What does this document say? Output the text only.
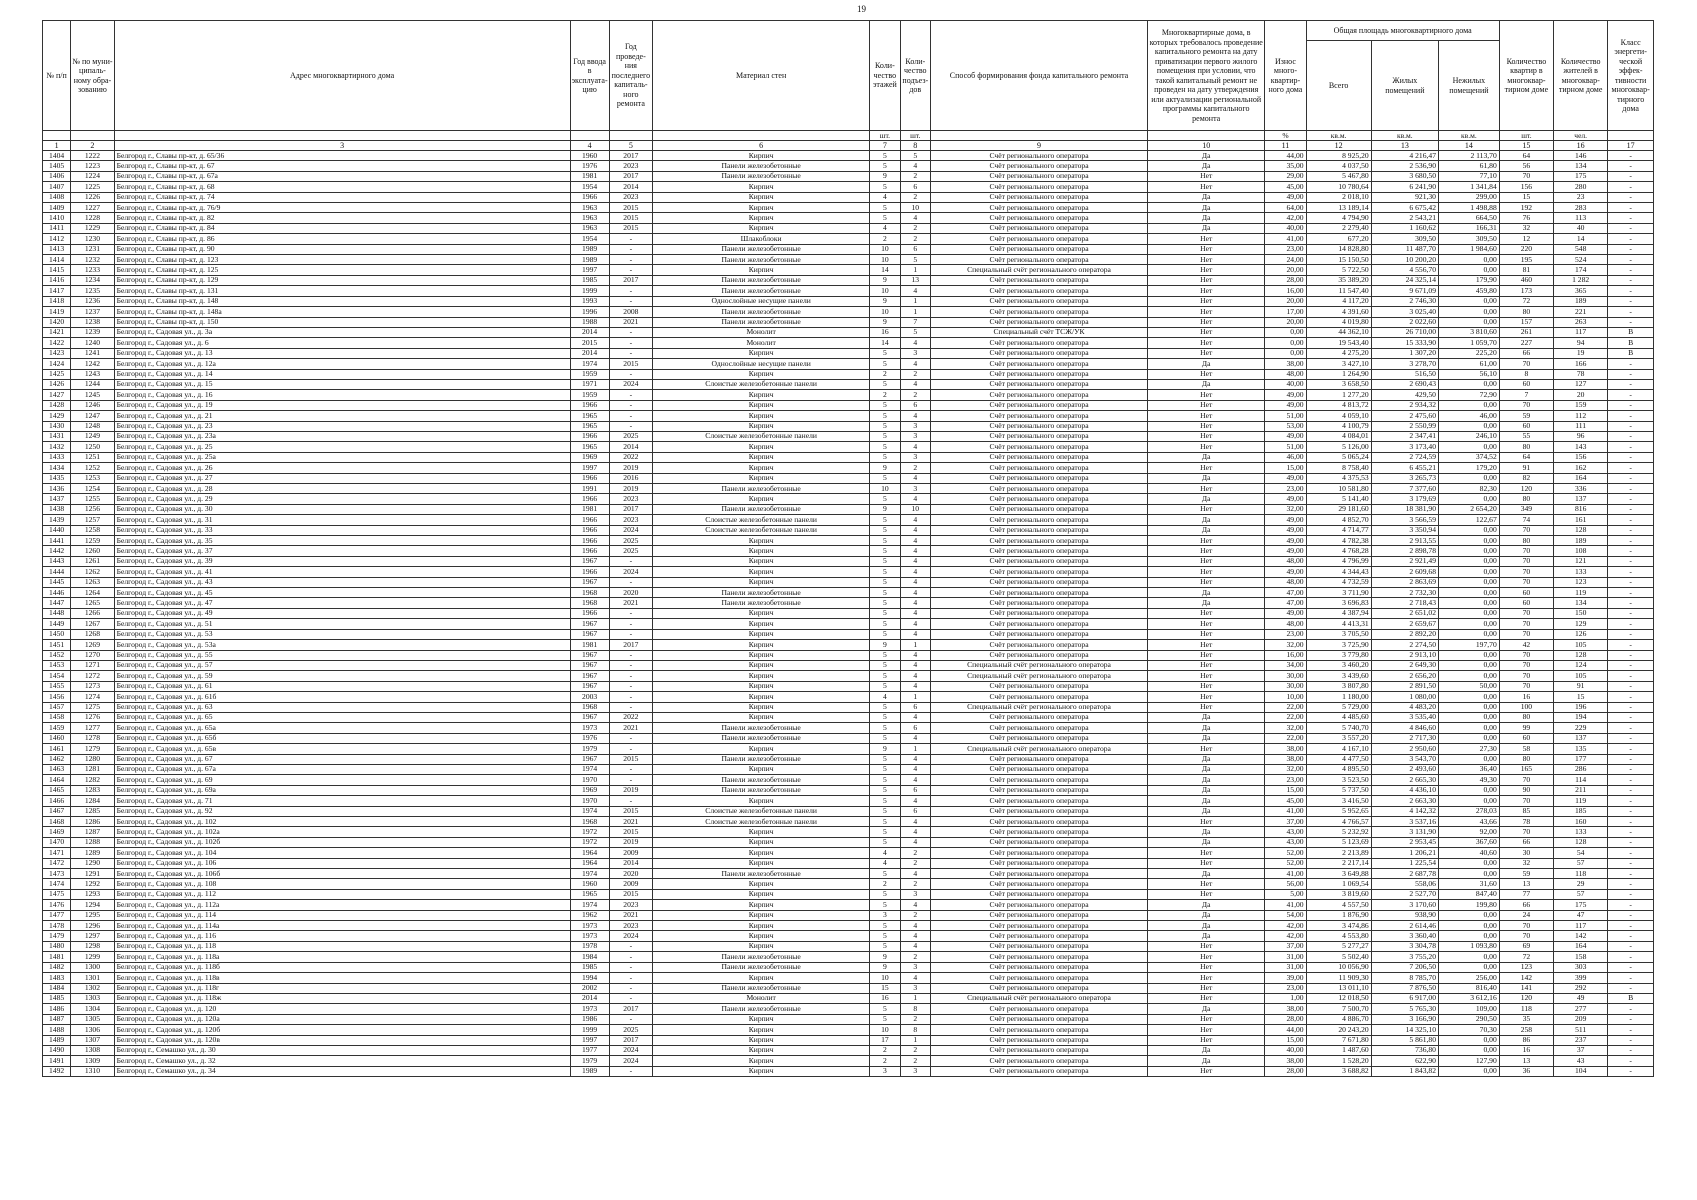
19
№ п/п	№ по муни-ципаль-ному обра-зованию	Адрес многоквартирного дома	Год ввода в эксплуата-цию	Год проведе-ния последнего капиталь-ного ремонта	Материал стен	Коли-чество этажей	Коли-чество подъез-дов	Способ формирования фонда капитального ремонта	Многоквартирные дома, в которых требовалось проведение капитального ремонта на дату приватизации первого жилого помещения при условии, что такой капитальный ремонт не проведен на дату утверждения или актуализации региональной программы капитального ремонта	Износ много-квартир-ного дома	Общая площадь многоквартирного дома			Количество квартир в многоквар-тирном доме	Количество жителей в многоквар-тирном доме	Класс энергети-ческой эффек-тивности многоквар-тирного дома
											Всего	Жилых помещений	Нежилых помещений			
						шт.	шт.			%	кв.м.	кв.м.	кв.м.	шт.	чел.	
1	2	3	4	5	6	7	8	9	10	11	12	13	14	15	16	17
1404	1222	Белгород г., Славы пр-кт, д. 65/36	1960	2017	Кирпич	5	5	Счёт регионального оператора	Да	44,00	8 925,20	4 216,47	2 113,70	64	146	-
1405	1223	Белгород г., Славы пр-кт, д. 67	1976	2023	Панели железобетонные	5	4	Счёт регионального оператора	Да	35,00	4 037,50	2 536,90	61,80	56	134	-
1406	1224	Белгород г., Славы пр-кт, д. 67а	1981	2017	Панели железобетонные	9	2	Счёт регионального оператора	Нет	29,00	5 467,80	3 680,50	77,10	70	175	-
1407	1225	Белгород г., Славы пр-кт, д. 68	1954	2014	Кирпич	5	6	Счёт регионального оператора	Нет	45,00	10 780,64	6 241,90	1 341,84	156	280	-
1408	1226	Белгород г., Славы пр-кт, д. 74	1966	2023	Кирпич	4	2	Счёт регионального оператора	Да	49,00	2 018,10	921,30	299,00	15	23	-
1409	1227	Белгород г., Славы пр-кт, д. 76/9	1963	2015	Кирпич	5	10	Счёт регионального оператора	Да	64,00	13 189,14	6 675,42	1 498,88	192	283	-
1410	1228	Белгород г., Славы пр-кт, д. 82	1963	2015	Кирпич	5	4	Счёт регионального оператора	Да	42,00	4 794,90	2 543,21	664,50	76	113	-
1411	1229	Белгород г., Славы пр-кт, д. 84	1963	2015	Кирпич	4	2	Счёт регионального оператора	Да	40,00	2 279,40	1 160,62	166,31	32	40	-
1412	1230	Белгород г., Славы пр-кт, д. 86	1954	-	Шлакоблоки	2	2	Счёт регионального оператора	Нет	41,00	677,20	309,50	309,50	12	14	-
1413	1231	Белгород г., Славы пр-кт, д. 90	1989	-	Панели железобетонные	10	6	Счёт регионального оператора	Нет	23,00	14 828,80	11 487,70	1 984,60	220	548	-
1414	1232	Белгород г., Славы пр-кт, д. 123	1989	-	Панели железобетонные	10	5	Счёт регионального оператора	Нет	24,00	15 150,50	10 200,20	0,00	195	524	-
1415	1233	Белгород г., Славы пр-кт, д. 125	1997	-	Кирпич	14	1	Специальный счёт регионального оператора	Нет	20,00	5 722,50	4 556,70	0,00	81	174	-
1416	1234	Белгород г., Славы пр-кт, д. 129	1985	2017	Панели железобетонные	9	13	Счёт регионального оператора	Нет	28,00	35 389,20	24 325,14	179,90	460	1 282	-
1417	1235	Белгород г., Славы пр-кт, д. 131	1999	-	Панели железобетонные	10	4	Счёт регионального оператора	Нет	16,00	11 547,40	9 671,09	459,80	173	365	-
1418	1236	Белгород г., Славы пр-кт, д. 148	1993	-	Однослойные несущие панели	9	1	Счёт регионального оператора	Нет	20,00	4 117,20	2 746,30	0,00	72	189	-
1419	1237	Белгород г., Славы пр-кт, д. 148а	1996	2008	Панели железобетонные	10	1	Счёт регионального оператора	Нет	17,00	4 391,60	3 025,40	0,00	80	221	-
1420	1238	Белгород г., Славы пр-кт, д. 150	1988	2021	Панели железобетонные	9	7	Счёт регионального оператора	Нет	20,00	4 019,80	2 022,60	0,00	157	263	-
1421	1239	Белгород г., Садовая ул., д. 3а	2014	-	Монолит	16	5	Специальный счёт ТСЖ/УК	Нет	0,00	44 362,10	26 710,00	3 810,60	261	117	В
1422	1240	Белгород г., Садовая ул., д. 6	2015	-	Монолит	14	4	Счёт регионального оператора	Нет	0,00	19 543,40	15 333,90	1 059,70	227	94	В
1423	1241	Белгород г., Садовая ул., д. 13	2014	-	Кирпич	5	3	Счёт регионального оператора	Нет	0,00	4 275,20	1 307,20	225,20	66	19	В
1424	1242	Белгород г., Садовая ул., д. 12а	1974	2015	Однослойные несущие панели	5	4	Счёт регионального оператора	Да	38,00	3 427,10	3 278,70	61,00	70	166	-
1425	1243	Белгород г., Садовая ул., д. 14	1959	-	Кирпич	2	2	Счёт регионального оператора	Нет	48,00	1 264,90	516,50	56,10	8	78	-
1426	1244	Белгород г., Садовая ул., д. 15	1971	2024	Слоистые железобетонные панели	5	4	Счёт регионального оператора	Да	40,00	3 658,50	2 690,43	0,00	60	127	-
1427	1245	Белгород г., Садовая ул., д. 16	1959	-	Кирпич	2	2	Счёт регионального оператора	Нет	49,00	1 277,20	429,50	72,90	7	20	-
1428	1246	Белгород г., Садовая ул., д. 19	1966	-	Кирпич	5	6	Счёт регионального оператора	Нет	49,00	4 813,72	2 934,32	0,00	70	159	-
1429	1247	Белгород г., Садовая ул., д. 21	1965	-	Кирпич	5	4	Счёт регионального оператора	Нет	51,00	4 059,10	2 475,60	46,00	59	112	-
1430	1248	Белгород г., Садовая ул., д. 23	1965	-	Кирпич	5	3	Счёт регионального оператора	Нет	53,00	4 100,79	2 550,99	0,00	60	111	-
1431	1249	Белгород г., Садовая ул., д. 23а	1966	2025	Слоистые железобетонные панели	5	3	Счёт регионального оператора	Нет	49,00	4 084,01	2 347,41	246,10	55	96	-
1432	1250	Белгород г., Садовая ул., д. 25	1965	2014	Кирпич	5	4	Счёт регионального оператора	Нет	51,00	5 126,00	3 173,40	0,00	80	143	-
1433	1251	Белгород г., Садовая ул., д. 25а	1969	2022	Кирпич	5	3	Счёт регионального оператора	Да	46,00	5 065,24	2 724,59	374,52	64	156	-
1434	1252	Белгород г., Садовая ул., д. 26	1997	2019	Кирпич	9	2	Счёт регионального оператора	Нет	15,00	8 758,40	6 455,21	179,20	91	162	-
1435	1253	Белгород г., Садовая ул., д. 27	1966	2016	Кирпич	5	4	Счёт регионального оператора	Да	49,00	4 375,53	3 265,73	0,00	82	164	-
1436	1254	Белгород г., Садовая ул., д. 28	1991	2019	Панели железобетонные	10	3	Счёт регионального оператора	Нет	23,00	10 581,80	7 377,60	82,30	120	336	-
1437	1255	Белгород г., Садовая ул., д. 29	1966	2023	Кирпич	5	4	Счёт регионального оператора	Да	49,00	5 141,40	3 179,69	0,00	80	137	-
1438	1256	Белгород г., Садовая ул., д. 30	1981	2017	Панели железобетонные	9	10	Счёт регионального оператора	Нет	32,00	29 181,60	18 381,90	2 654,20	349	816	-
1439	1257	Белгород г., Садовая ул., д. 31	1966	2023	Слоистые железобетонные панели	5	4	Счёт регионального оператора	Да	49,00	4 852,70	3 566,59	122,67	74	161	-
1440	1258	Белгород г., Садовая ул., д. 33	1966	2024	Слоистые железобетонные панели	5	4	Счёт регионального оператора	Да	49,00	4 714,77	3 350,94	0,00	70	128	-
1441	1259	Белгород г., Садовая ул., д. 35	1966	2025	Кирпич	5	4	Счёт регионального оператора	Нет	49,00	4 782,38	2 913,55	0,00	80	189	-
1442	1260	Белгород г., Садовая ул., д. 37	1966	2025	Кирпич	5	4	Счёт регионального оператора	Нет	49,00	4 768,28	2 898,78	0,00	70	108	-
1443	1261	Белгород г., Садовая ул., д. 39	1967	-	Кирпич	5	4	Счёт регионального оператора	Нет	48,00	4 796,99	2 921,49	0,00	70	121	-
1444	1262	Белгород г., Садовая ул., д. 41	1966	2024	Кирпич	5	4	Счёт регионального оператора	Нет	49,00	4 344,43	2 609,68	0,00	70	133	-
1445	1263	Белгород г., Садовая ул., д. 43	1967	-	Кирпич	5	4	Счёт регионального оператора	Нет	48,00	4 732,59	2 863,69	0,00	70	123	-
1446	1264	Белгород г., Садовая ул., д. 45	1968	2020	Панели железобетонные	5	4	Счёт регионального оператора	Да	47,00	3 711,90	2 732,30	0,00	60	119	-
1447	1265	Белгород г., Садовая ул., д. 47	1968	2021	Панели железобетонные	5	4	Счёт регионального оператора	Да	47,00	3 696,83	2 718,43	0,00	60	134	-
1448	1266	Белгород г., Садовая ул., д. 49	1966	-	Кирпич	5	4	Счёт регионального оператора	Нет	49,00	4 387,94	2 651,02	0,00	70	150	-
1449	1267	Белгород г., Садовая ул., д. 51	1967	-	Кирпич	5	4	Счёт регионального оператора	Нет	48,00	4 413,31	2 659,67	0,00	70	129	-
1450	1268	Белгород г., Садовая ул., д. 53	1967	-	Кирпич	5	4	Счёт регионального оператора	Нет	23,00	3 705,50	2 892,20	0,00	70	126	-
1451	1269	Белгород г., Садовая ул., д. 53а	1981	2017	Кирпич	9	1	Счёт регионального оператора	Нет	32,00	3 725,90	2 274,50	197,70	42	105	-
1452	1270	Белгород г., Садовая ул., д. 55	1967	-	Кирпич	5	4	Счёт регионального оператора	Нет	16,00	3 779,80	2 913,10	0,00	70	128	-
1453	1271	Белгород г., Садовая ул., д. 57	1967	-	Кирпич	5	4	Специальный счёт регионального оператора	Нет	34,00	3 460,20	2 649,30	0,00	70	124	-
1454	1272	Белгород г., Садовая ул., д. 59	1967	-	Кирпич	5	4	Специальный счёт регионального оператора	Нет	30,00	3 439,60	2 656,20	0,00	70	105	-
1455	1273	Белгород г., Садовая ул., д. 61	1967	-	Кирпич	5	4	Счёт регионального оператора	Нет	30,00	3 807,80	2 891,50	50,00	70	91	-
1456	1274	Белгород г., Садовая ул., д. 61б	2003	-	Кирпич	4	1	Счёт регионального оператора	Нет	10,00	1 180,00	1 080,00	0,00	16	15	-
1457	1275	Белгород г., Садовая ул., д. 63	1968	-	Кирпич	5	6	Специальный счёт регионального оператора	Нет	22,00	5 729,00	4 483,20	0,00	100	196	-
1458	1276	Белгород г., Садовая ул., д. 65	1967	2022	Кирпич	5	4	Счёт регионального оператора	Да	22,00	4 485,60	3 535,40	0,00	80	194	-
1459	1277	Белгород г., Садовая ул., д. 65а	1973	2021	Панели железобетонные	5	6	Счёт регионального оператора	Да	32,00	5 740,70	4 846,60	0,00	99	229	-
1460	1278	Белгород г., Садовая ул., д. 65б	1976	-	Панели железобетонные	5	4	Счёт регионального оператора	Да	22,00	3 557,20	2 717,30	0,00	60	137	-
1461	1279	Белгород г., Садовая ул., д. 65в	1979	-	Кирпич	9	1	Специальный счёт регионального оператора	Нет	38,00	4 167,10	2 950,60	27,30	58	135	-
1462	1280	Белгород г., Садовая ул., д. 67	1967	2015	Панели железобетонные	5	4	Счёт регионального оператора	Да	38,00	4 477,50	3 543,70	0,00	80	177	-
1463	1281	Белгород г., Садовая ул., д. 67а	1974	-	Кирпич	5	4	Счёт регионального оператора	Да	32,00	4 895,50	2 493,60	36,40	165	286	-
1464	1282	Белгород г., Садовая ул., д. 69	1970	-	Панели железобетонные	5	4	Счёт регионального оператора	Да	23,00	3 523,50	2 665,30	49,30	70	114	-
1465	1283	Белгород г., Садовая ул., д. 69а	1969	2019	Панели железобетонные	5	6	Счёт регионального оператора	Да	15,00	5 737,50	4 436,10	0,00	90	211	-
1466	1284	Белгород г., Садовая ул., д. 71	1970	-	Кирпич	5	4	Счёт регионального оператора	Да	45,00	3 416,50	2 663,30	0,00	70	119	-
1467	1285	Белгород г., Садовая ул., д. 92	1974	2015	Слоистые железобетонные панели	5	6	Счёт регионального оператора	Да	41,00	5 952,65	4 142,32	278,03	85	185	-
1468	1286	Белгород г., Садовая ул., д. 102	1968	2021	Слоистые железобетонные панели	5	4	Счёт регионального оператора	Нет	37,00	4 766,57	3 537,16	43,66	78	160	-
1469	1287	Белгород г., Садовая ул., д. 102а	1972	2015	Кирпич	5	4	Счёт регионального оператора	Да	43,00	5 232,92	3 131,90	92,00	70	133	-
1470	1288	Белгород г., Садовая ул., д. 102б	1972	2019	Кирпич	5	4	Счёт регионального оператора	Да	43,00	5 123,69	2 953,45	367,60	66	128	-
1471	1289	Белгород г., Садовая ул., д. 104	1964	2009	Кирпич	4	2	Счёт регионального оператора	Нет	52,00	2 213,89	1 206,21	40,60	30	54	-
1472	1290	Белгород г., Садовая ул., д. 106	1964	2014	Кирпич	4	2	Счёт регионального оператора	Нет	52,00	2 217,14	1 225,54	0,00	32	57	-
1473	1291	Белгород г., Садовая ул., д. 106б	1974	2020	Панели железобетонные	5	4	Счёт регионального оператора	Да	41,00	3 649,88	2 687,78	0,00	59	118	-
1474	1292	Белгород г., Садовая ул., д. 108	1960	2009	Кирпич	2	2	Счёт регионального оператора	Нет	56,00	1 069,54	558,06	31,60	13	29	-
1475	1293	Белгород г., Садовая ул., д. 112	1965	2015	Кирпич	5	3	Счёт регионального оператора	Нет	5,00	3 819,60	2 527,70	847,40	77	57	-
1476	1294	Белгород г., Садовая ул., д. 112а	1974	2023	Кирпич	5	4	Счёт регионального оператора	Да	41,00	4 557,50	3 170,60	199,80	66	175	-
1477	1295	Белгород г., Садовая ул., д. 114	1962	2021	Кирпич	3	2	Счёт регионального оператора	Да	54,00	1 876,90	938,90	0,00	24	47	-
1478	1296	Белгород г., Садовая ул., д. 114а	1973	2023	Кирпич	5	4	Счёт регионального оператора	Да	42,00	3 474,86	2 614,46	0,00	70	117	-
1479	1297	Белгород г., Садовая ул., д. 116	1973	2024	Кирпич	5	4	Счёт регионального оператора	Да	42,00	4 553,80	3 360,40	0,00	70	142	-
1480	1298	Белгород г., Садовая ул., д. 118	1978	-	Кирпич	5	4	Счёт регионального оператора	Нет	37,00	5 277,27	3 304,78	1 093,80	69	164	-
1481	1299	Белгород г., Садовая ул., д. 118а	1984	-	Панели железобетонные	9	2	Счёт регионального оператора	Нет	31,00	5 502,40	3 755,20	0,00	72	158	-
1482	1300	Белгород г., Садовая ул., д. 118б	1985	-	Панели железобетонные	9	3	Счёт регионального оператора	Нет	31,00	10 056,90	7 206,50	0,00	123	303	-
1483	1301	Белгород г., Садовая ул., д. 118в	1994	-	Кирпич	10	4	Счёт регионального оператора	Нет	39,00	11 909,30	8 785,70	256,00	142	399	-
1484	1302	Белгород г., Садовая ул., д. 118г	2002	-	Панели железобетонные	15	3	Счёт регионального оператора	Нет	23,00	13 011,10	7 876,50	816,40	141	292	-
1485	1303	Белгород г., Садовая ул., д. 118ж	2014	-	Монолит	16	1	Специальный счёт регионального оператора	Нет	1,00	12 018,50	6 917,00	3 612,16	120	49	В
1486	1304	Белгород г., Садовая ул., д. 120	1973	2017	Панели железобетонные	5	8	Счёт регионального оператора	Да	38,00	7 500,70	5 765,30	109,00	118	277	-
1487	1305	Белгород г., Садовая ул., д. 120а	1986	-	Кирпич	5	2	Счёт регионального оператора	Нет	28,00	4 886,70	3 166,90	290,50	35	209	-
1488	1306	Белгород г., Садовая ул., д. 120б	1999	2025	Кирпич	10	8	Счёт регионального оператора	Нет	44,00	20 243,20	14 325,10	70,30	258	511	-
1489	1307	Белгород г., Садовая ул., д. 120в	1997	2017	Кирпич	17	1	Счёт регионального оператора	Нет	15,00	7 671,80	5 861,80	0,00	86	237	-
1490	1308	Белгород г., Семашко ул., д. 30	1977	2024	Кирпич	2	2	Счёт регионального оператора	Да	40,00	1 487,60	736,80	0,00	16	37	-
1491	1309	Белгород г., Семашко ул., д. 32	1979	2024	Кирпич	2	2	Счёт регионального оператора	Да	38,00	1 528,20	622,90	127,90	13	43	-
1492	1310	Белгород г., Семашко ул., д. 34	1989	-	Кирпич	3	3	Счёт регионального оператора	Нет	28,00	3 688,82	1 843,82	0,00	36	104	-
